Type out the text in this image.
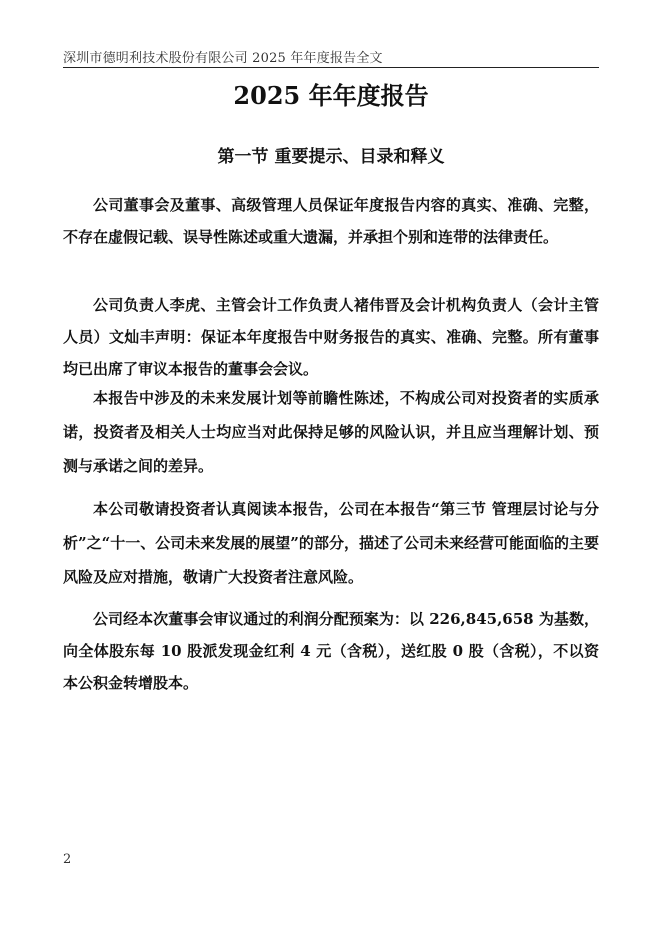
深圳市德明利技术股份有限公司 2025 年年度报告全文
2025 年年度报告
第一节 重要提示、目录和释义

公司董事会及董事、高级管理人员保证年度报告内容的真实、准确、完整，不存在虚假记载、误导性陈述或重大遗漏，并承担个别和连带的法律责任。

公司负责人李虎、主管会计工作负责人褚伟晋及会计机构负责人（会计主管人员）文灿丰声明：保证本年度报告中财务报告的真实、准确、完整。所有董事均已出席了审议本报告的董事会会议。

本报告中涉及的未来发展计划等前瞻性陈述，不构成公司对投资者的实质承诺，投资者及相关人士均应当对此保持足够的风险认识，并且应当理解计划、预测与承诺之间的差异。

本公司敬请投资者认真阅读本报告，公司在本报告“第三节 管理层讨论与分析”之“十一、公司未来发展的展望”的部分，描述了公司未来经营可能面临的主要风险及应对措施，敬请广大投资者注意风险。

公司经本次董事会审议通过的利润分配预案为：以 226,845,658 为基数，向全体股东每 10 股派发现金红利 4 元（含税），送红股 0 股（含税），不以资本公积金转增股本。

2
